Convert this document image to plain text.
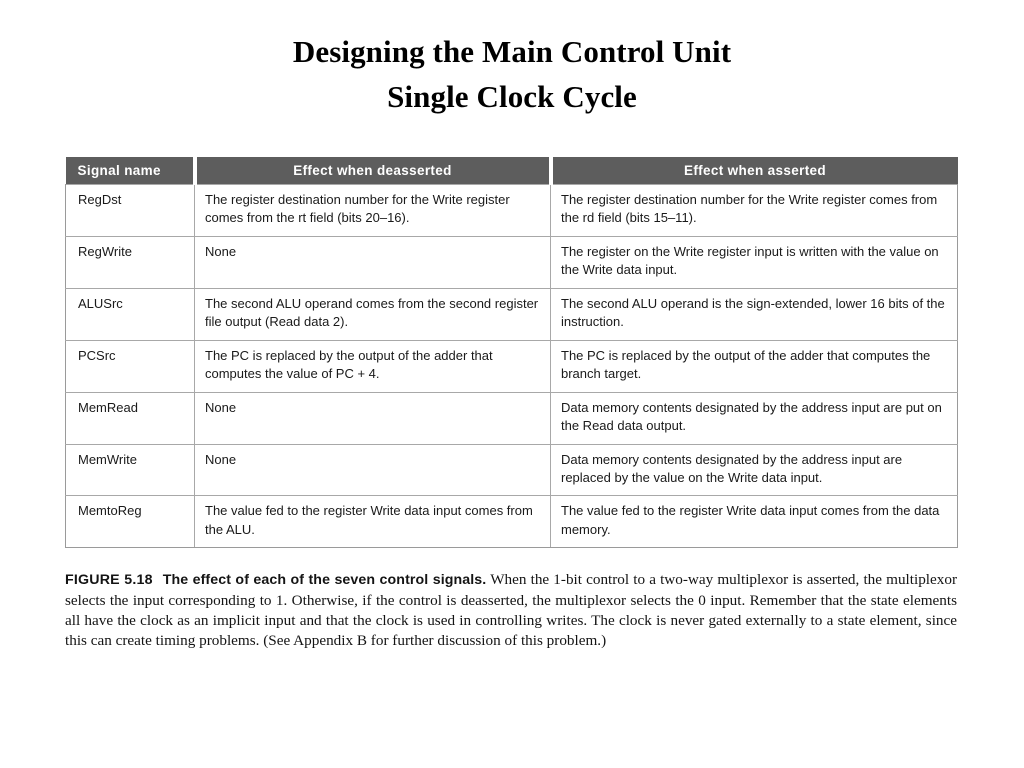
Designing the Main Control Unit
Single Clock Cycle
Signal name	Effect when deasserted	Effect when asserted
RegDst	The register destination number for the Write register comes from the rt field (bits 20–16).	The register destination number for the Write register comes from the rd field (bits 15–11).
RegWrite	None	The register on the Write register input is written with the value on the Write data input.
ALUSrc	The second ALU operand comes from the second register file output (Read data 2).	The second ALU operand is the sign-extended, lower 16 bits of the instruction.
PCSrc	The PC is replaced by the output of the adder that computes the value of PC + 4.	The PC is replaced by the output of the adder that computes the branch target.
MemRead	None	Data memory contents designated by the address input are put on the Read data output.
MemWrite	None	Data memory contents designated by the address input are replaced by the value on the Write data input.
MemtoReg	The value fed to the register Write data input comes from the ALU.	The value fed to the register Write data input comes from the data memory.
FIGURE 5.18 The effect of each of the seven control signals. When the 1-bit control to a two-way multiplexor is asserted, the multiplexor selects the input corresponding to 1. Otherwise, if the control is deasserted, the multiplexor selects the 0 input. Remember that the state elements all have the clock as an implicit input and that the clock is used in controlling writes. The clock is never gated externally to a state element, since this can create timing problems. (See Appendix B for further discussion of this problem.)
